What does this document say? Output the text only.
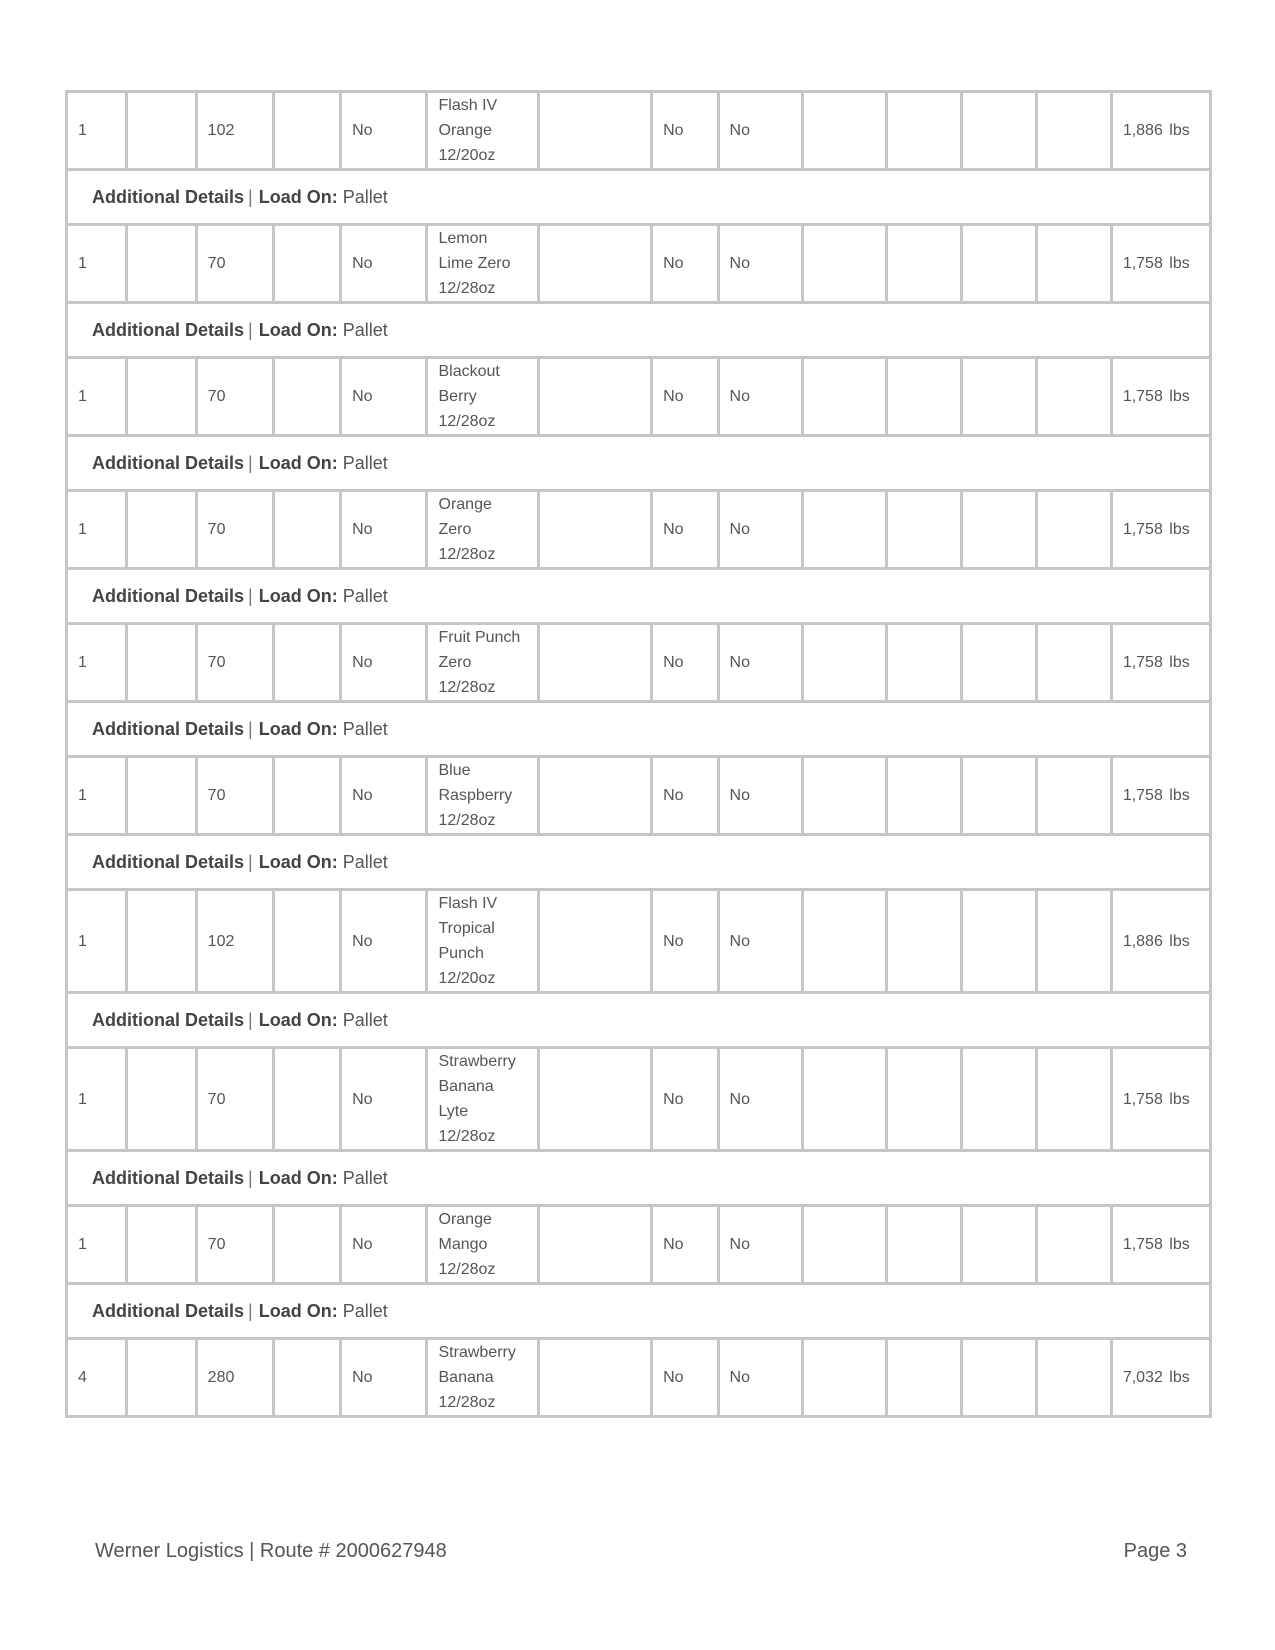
1		102		No	Flash IV
Orange
12/20oz		No	No					1,886 lbs
Additional Details | Load On: Pallet													
1		70		No	Lemon
Lime Zero
12/28oz		No	No					1,758 lbs
Additional Details | Load On: Pallet													
1		70		No	Blackout
Berry
12/28oz		No	No					1,758 lbs
Additional Details | Load On: Pallet													
1		70		No	Orange
Zero
12/28oz		No	No					1,758 lbs
Additional Details | Load On: Pallet													
1		70		No	Fruit Punch
Zero
12/28oz		No	No					1,758 lbs
Additional Details | Load On: Pallet													
1		70		No	Blue
Raspberry
12/28oz		No	No					1,758 lbs
Additional Details | Load On: Pallet													
1		102		No	Flash IV
Tropical
Punch
12/20oz		No	No					1,886 lbs
Additional Details | Load On: Pallet													
1		70		No	Strawberry
Banana
Lyte
12/28oz		No	No					1,758 lbs
Additional Details | Load On: Pallet													
1		70		No	Orange
Mango
12/28oz		No	No					1,758 lbs
Additional Details | Load On: Pallet													
4		280		No	Strawberry
Banana
12/28oz		No	No					7,032 lbs
Werner Logistics | Route # 2000627948	Page 3
